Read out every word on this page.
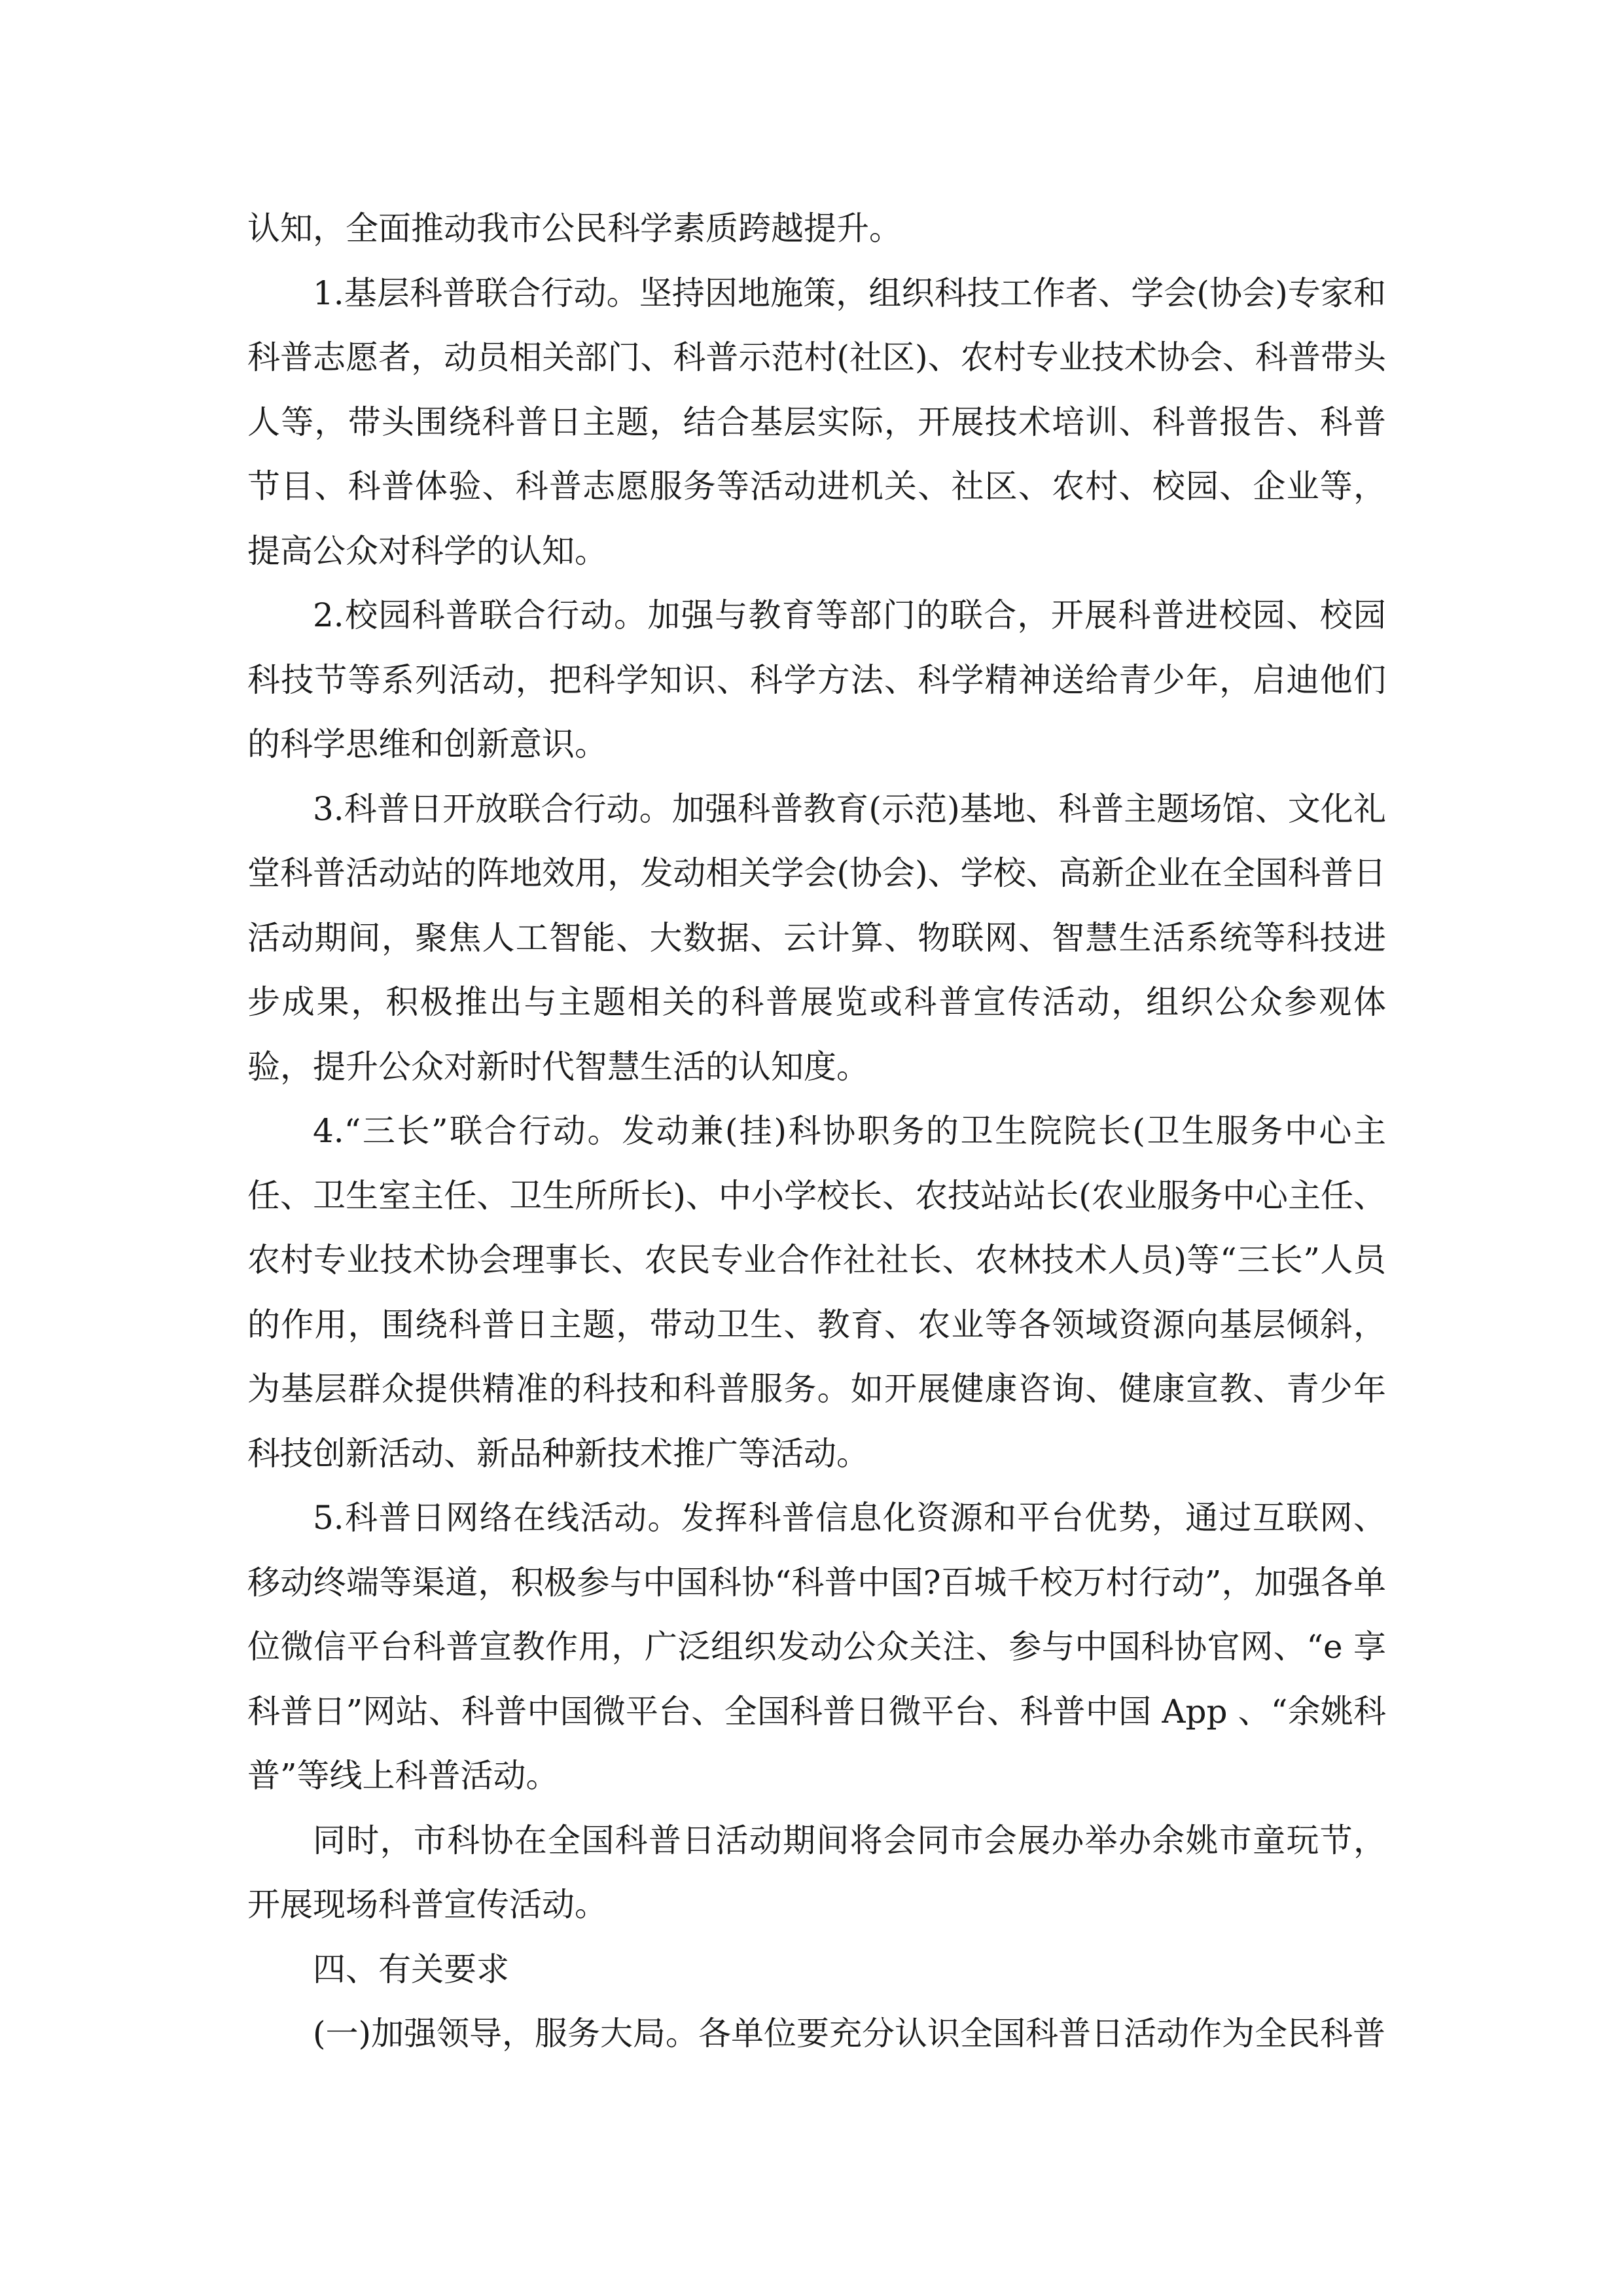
认知，全面推动我市公民科学素质跨越提升。

1.基层科普联合行动。坚持因地施策，组织科技工作者、学会(协会)专家和科普志愿者，动员相关部门、科普示范村(社区)、农村专业技术协会、科普带头人等，带头围绕科普日主题，结合基层实际，开展技术培训、科普报告、科普节目、科普体验、科普志愿服务等活动进机关、社区、农村、校园、企业等，提高公众对科学的认知。

2.校园科普联合行动。加强与教育等部门的联合，开展科普进校园、校园科技节等系列活动，把科学知识、科学方法、科学精神送给青少年，启迪他们的科学思维和创新意识。

3.科普日开放联合行动。加强科普教育(示范)基地、科普主题场馆、文化礼堂科普活动站的阵地效用，发动相关学会(协会)、学校、高新企业在全国科普日活动期间，聚焦人工智能、大数据、云计算、物联网、智慧生活系统等科技进步成果，积极推出与主题相关的科普展览或科普宣传活动，组织公众参观体验，提升公众对新时代智慧生活的认知度。

4.“三长”联合行动。发动兼(挂)科协职务的卫生院院长(卫生服务中心主任、卫生室主任、卫生所所长)、中小学校长、农技站站长(农业服务中心主任、农村专业技术协会理事长、农民专业合作社社长、农林技术人员)等“三长”人员的作用，围绕科普日主题，带动卫生、教育、农业等各领域资源向基层倾斜，为基层群众提供精准的科技和科普服务。如开展健康咨询、健康宣教、青少年科技创新活动、新品种新技术推广等活动。

5.科普日网络在线活动。发挥科普信息化资源和平台优势，通过互联网、移动终端等渠道，积极参与中国科协“科普中国?百城千校万村行动”，加强各单位微信平台科普宣教作用，广泛组织发动公众关注、参与中国科协官网、“e 享科普日”网站、科普中国微平台、全国科普日微平台、科普中国 App 、“余姚科普”等线上科普活动。

同时，市科协在全国科普日活动期间将会同市会展办举办余姚市童玩节，开展现场科普宣传活动。

四、有关要求

(一)加强领导，服务大局。各单位要充分认识全国科普日活动作为全民科普
